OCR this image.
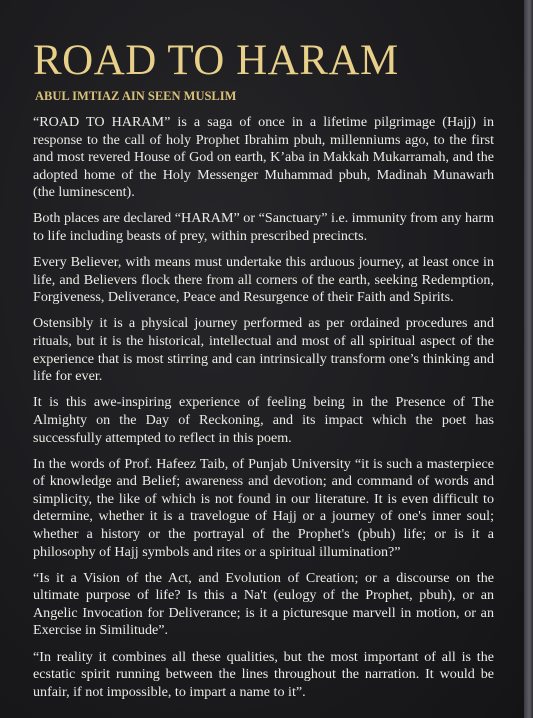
ROAD TO HARAM
ABUL IMTIAZ AIN SEEN MUSLIM

“ROAD TO HARAM” is a saga of once in a lifetime pilgrimage (Hajj) in response to the call of holy Prophet Ibrahim pbuh, millenniums ago, to the first and most revered House of God on earth, K’aba in Makkah Mukarramah, and the adopted home of the Holy Messenger Muhammad pbuh, Madinah Munawarh (the luminescent).

Both places are declared “HARAM” or “Sanctuary” i.e. immunity from any harm to life including beasts of prey, within prescribed precincts.

Every Believer, with means must undertake this arduous journey, at least once in life, and Believers flock there from all corners of the earth, seeking Redemption, Forgiveness, Deliverance, Peace and Resurgence of their Faith and Spirits.

Ostensibly it is a physical journey performed as per ordained procedures and rituals, but it is the historical, intellectual and most of all spiritual aspect of the experience that is most stirring and can intrinsically transform one’s thinking and life for ever.

It is this awe-inspiring experience of feeling being in the Presence of The Almighty on the Day of Reckoning, and its impact which the poet has successfully attempted to reflect in this poem.

In the words of Prof. Hafeez Taib, of Punjab University “it is such a masterpiece of knowledge and Belief; awareness and devotion; and command of words and simplicity, the like of which is not found in our literature. It is even difficult to determine, whether it is a travelogue of Hajj or a journey of one's inner soul; whether a history or the portrayal of the Prophet's (pbuh) life; or is it a philosophy of Hajj symbols and rites or a spiritual illumination?”

“Is it a Vision of the Act, and Evolution of Creation; or a discourse on the ultimate purpose of life? Is this a Na't (eulogy of the Prophet, pbuh), or an Angelic Invocation for Deliverance; is it a picturesque marvell in motion, or an Exercise in Similitude”.

“In reality it combines all these qualities, but the most important of all is the ecstatic spirit running between the lines throughout the narration. It would be unfair, if not impossible, to impart a name to it”.
